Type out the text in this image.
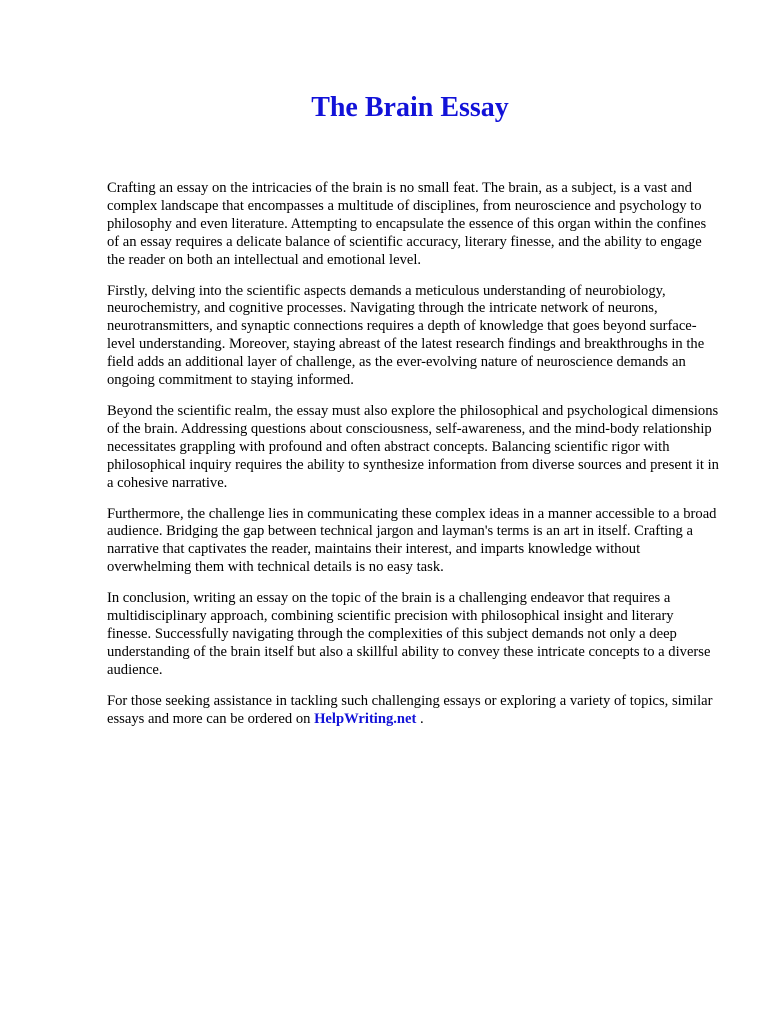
The Brain Essay

Crafting an essay on the intricacies of the brain is no small feat. The brain, as a subject, is a vast and complex landscape that encompasses a multitude of disciplines, from neuroscience and psychology to philosophy and even literature. Attempting to encapsulate the essence of this organ within the confines of an essay requires a delicate balance of scientific accuracy, literary finesse, and the ability to engage the reader on both an intellectual and emotional level.

Firstly, delving into the scientific aspects demands a meticulous understanding of neurobiology, neurochemistry, and cognitive processes. Navigating through the intricate network of neurons, neurotransmitters, and synaptic connections requires a depth of knowledge that goes beyond surface-level understanding. Moreover, staying abreast of the latest research findings and breakthroughs in the field adds an additional layer of challenge, as the ever-evolving nature of neuroscience demands an ongoing commitment to staying informed.

Beyond the scientific realm, the essay must also explore the philosophical and psychological dimensions of the brain. Addressing questions about consciousness, self-awareness, and the mind-body relationship necessitates grappling with profound and often abstract concepts. Balancing scientific rigor with philosophical inquiry requires the ability to synthesize information from diverse sources and present it in a cohesive narrative.

Furthermore, the challenge lies in communicating these complex ideas in a manner accessible to a broad audience. Bridging the gap between technical jargon and layman's terms is an art in itself. Crafting a narrative that captivates the reader, maintains their interest, and imparts knowledge without overwhelming them with technical details is no easy task.

In conclusion, writing an essay on the topic of the brain is a challenging endeavor that requires a multidisciplinary approach, combining scientific precision with philosophical insight and literary finesse. Successfully navigating through the complexities of this subject demands not only a deep understanding of the brain itself but also a skillful ability to convey these intricate concepts to a diverse audience.

For those seeking assistance in tackling such challenging essays or exploring a variety of topics, similar essays and more can be ordered on HelpWriting.net .
